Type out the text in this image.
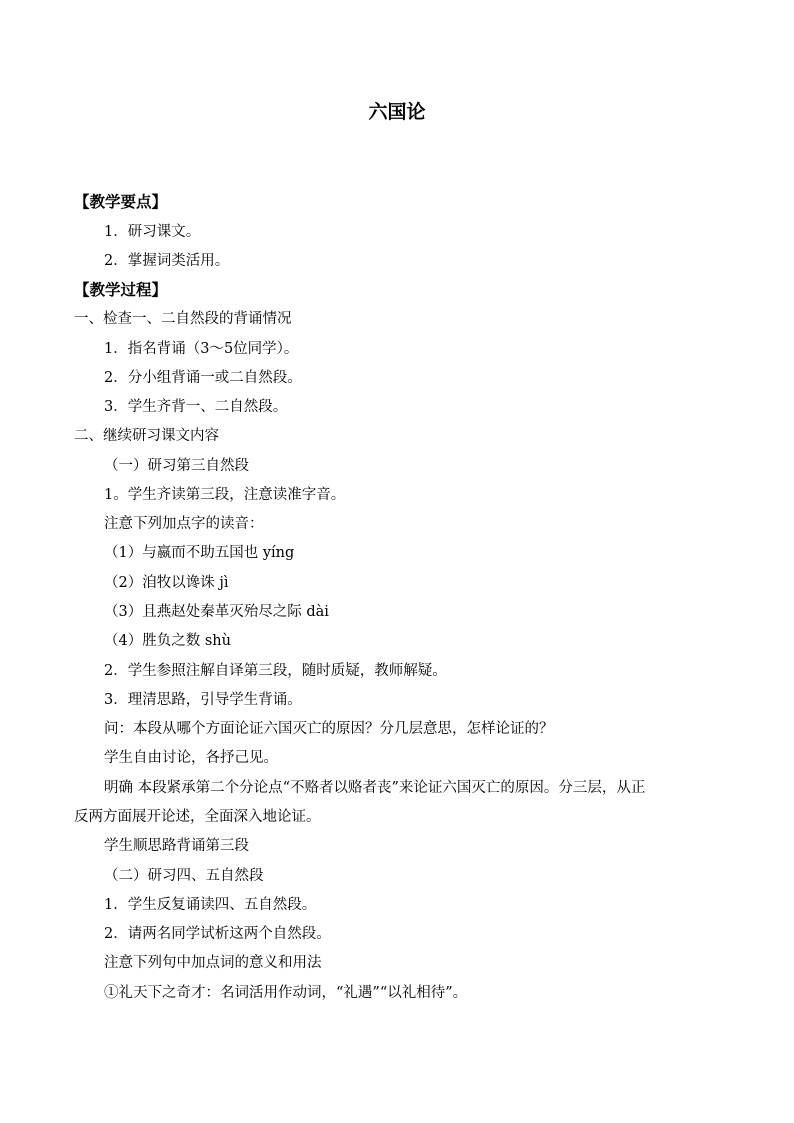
六国论
【教学要点】
1．研习课文。
2．掌握词类活用。
【教学过程】
一、检查一、二自然段的背诵情况
1．指名背诵（3～5位同学）。
2．分小组背诵一或二自然段。
3．学生齐背一、二自然段。
二、继续研习课文内容
（一）研习第三自然段
1。学生齐读第三段，注意读准字音。
注意下列加点字的读音：
（1）与嬴而不助五国也 yíng
（2）洎牧以谗诛 jì
（3）且燕赵处秦革灭殆尽之际 dài
（4）胜负之数 shù
2．学生参照注解自译第三段，随时质疑，教师解疑。
3．理清思路，引导学生背诵。
问：本段从哪个方面论证六国灭亡的原因？分几层意思，怎样论证的？
学生自由讨论，各抒己见。
明确 本段紧承第二个分论点“不赂者以赂者丧”来论证六国灭亡的原因。分三层，从正
反两方面展开论述，全面深入地论证。
学生顺思路背诵第三段
（二）研习四、五自然段
1．学生反复诵读四、五自然段。
2．请两名同学试析这两个自然段。
注意下列句中加点词的意义和用法
①礼天下之奇才：名词活用作动词，“礼遇”“以礼相待”。
